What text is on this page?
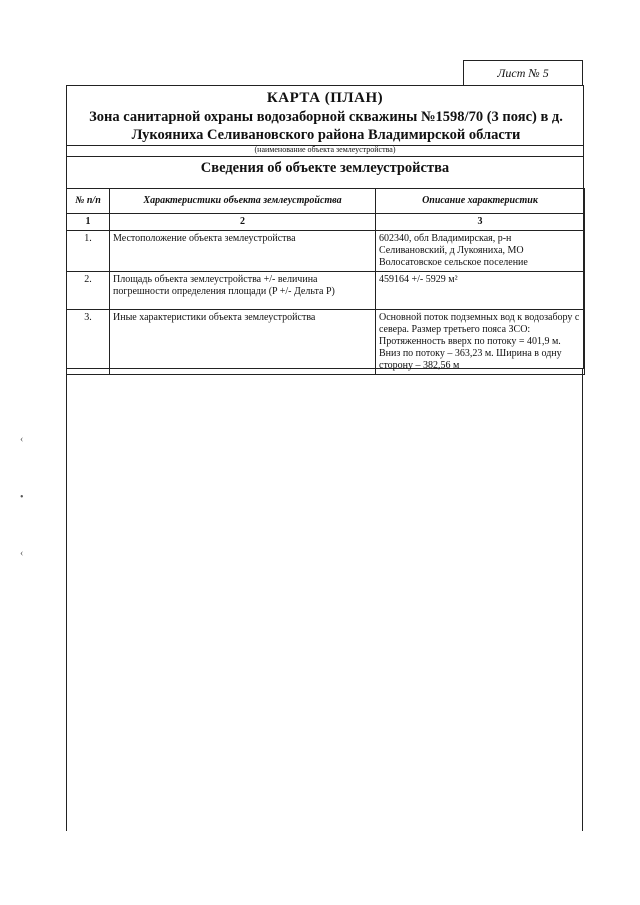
Лист № 5
КАРТА (ПЛАН)
Зона санитарной охраны водозаборной скважины №1598/70 (3 пояс) в д.
Лукояниха Селивановского района Владимирской области
(наименование объекта землеустройства)
Сведения об объекте землеустройства
№ п/п	Характеристики объекта землеустройства	Описание характеристик
1	2	3
1.	Местоположение объекта землеустройства	602340, обл Владимирская, р-н Селивановский, д Лукояниха, МО Волосатовское сельское поселение
2.	Площадь объекта землеустройства +/- величина погрешности определения площади (P +/- Дельта P)	459164 +/- 5929 м²
3.	Иные характеристики объекта землеустройства	Основной поток подземных вод к водозабору с севера. Размер третьего пояса ЗСО: Протяженность вверх по потоку = 401,9 м. Вниз по потоку – 363,23 м. Ширина в одну сторону – 382,56 м
‹
•
‹
